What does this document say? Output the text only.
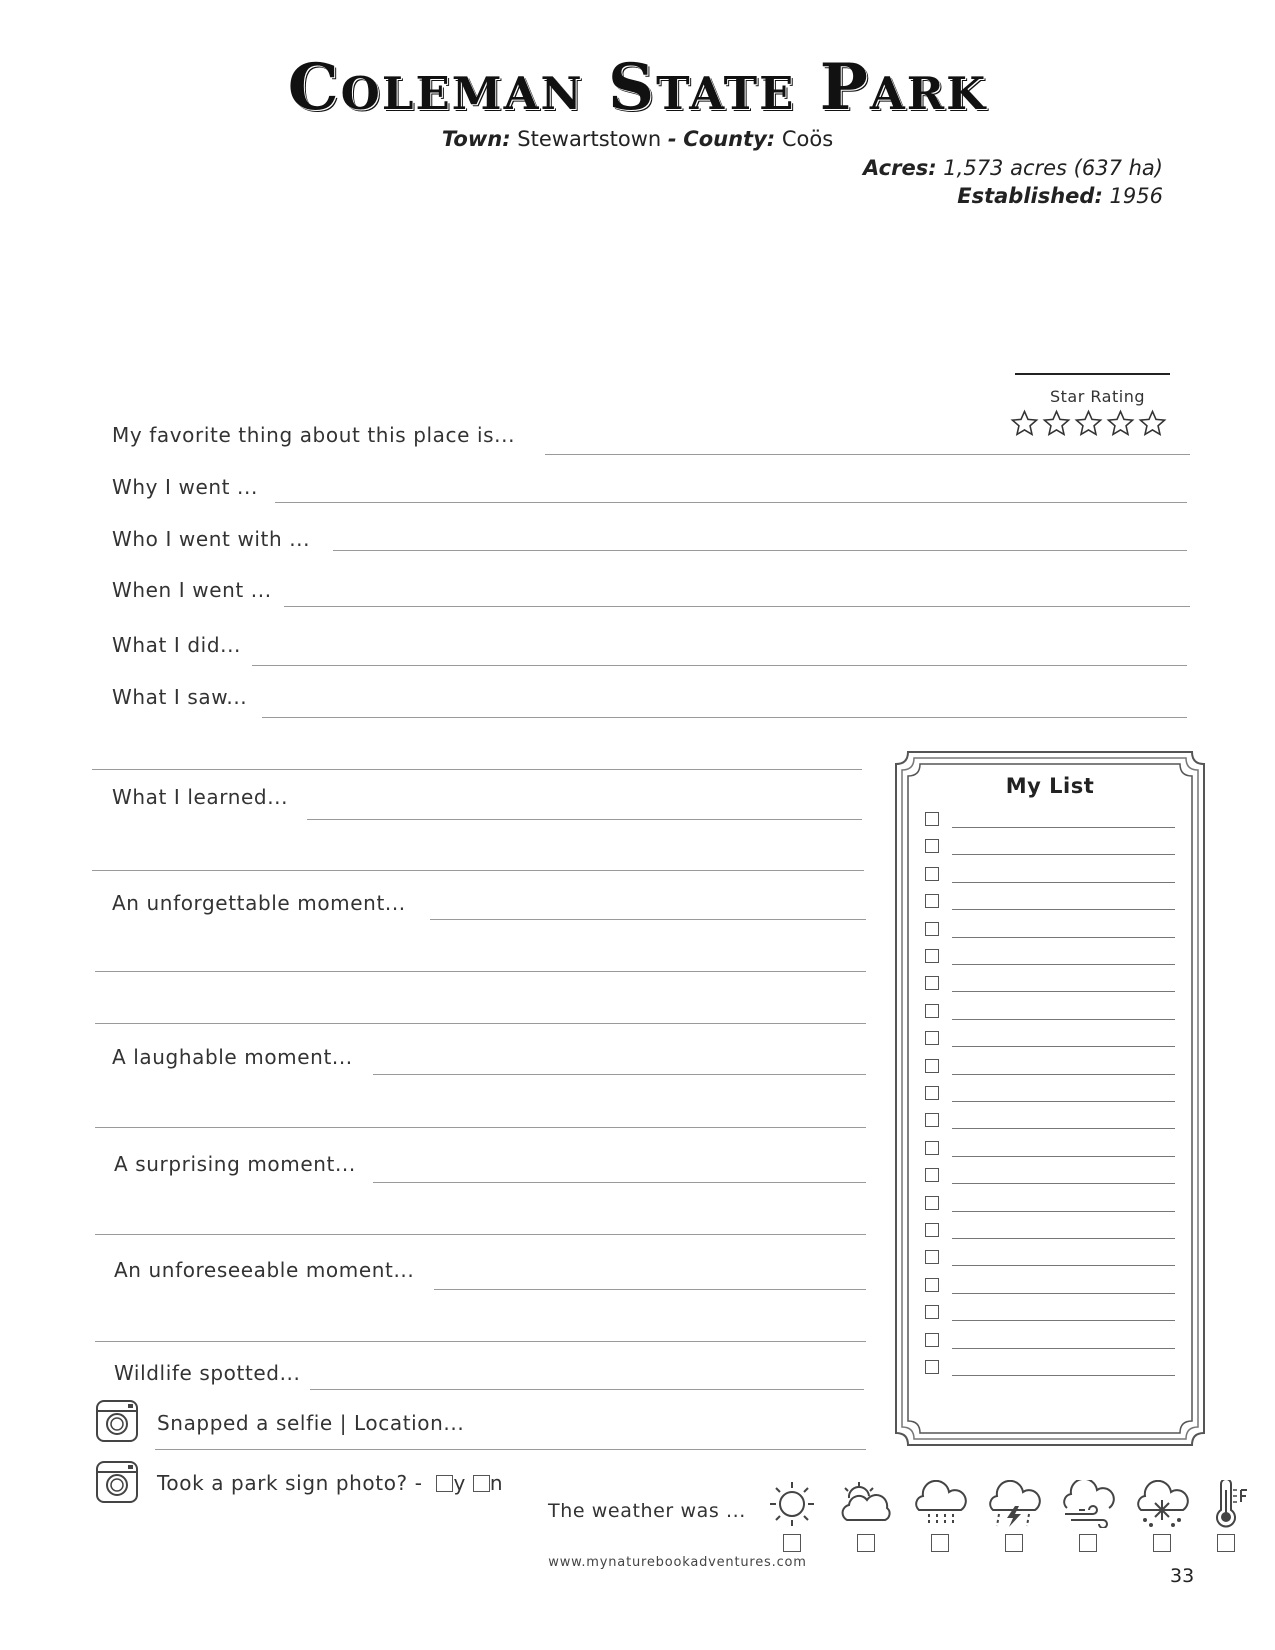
Coleman State Park
Town: Stewartstown - County: Coös
Acres: 1,573 acres (637 ha)
Established: 1956
Star Rating
My favorite thing about this place is...
Why I went ...
Who I went with ...
When I went ...
What I did...
What I saw...
What I learned...
An unforgettable moment...
A laughable moment...
A surprising moment...
An unforeseeable moment...
Wildlife spotted...
Snapped a selfie | Location...
Took a park sign photo? - y n
The weather was ...
My List
www.mynaturebookadventures.com
33
